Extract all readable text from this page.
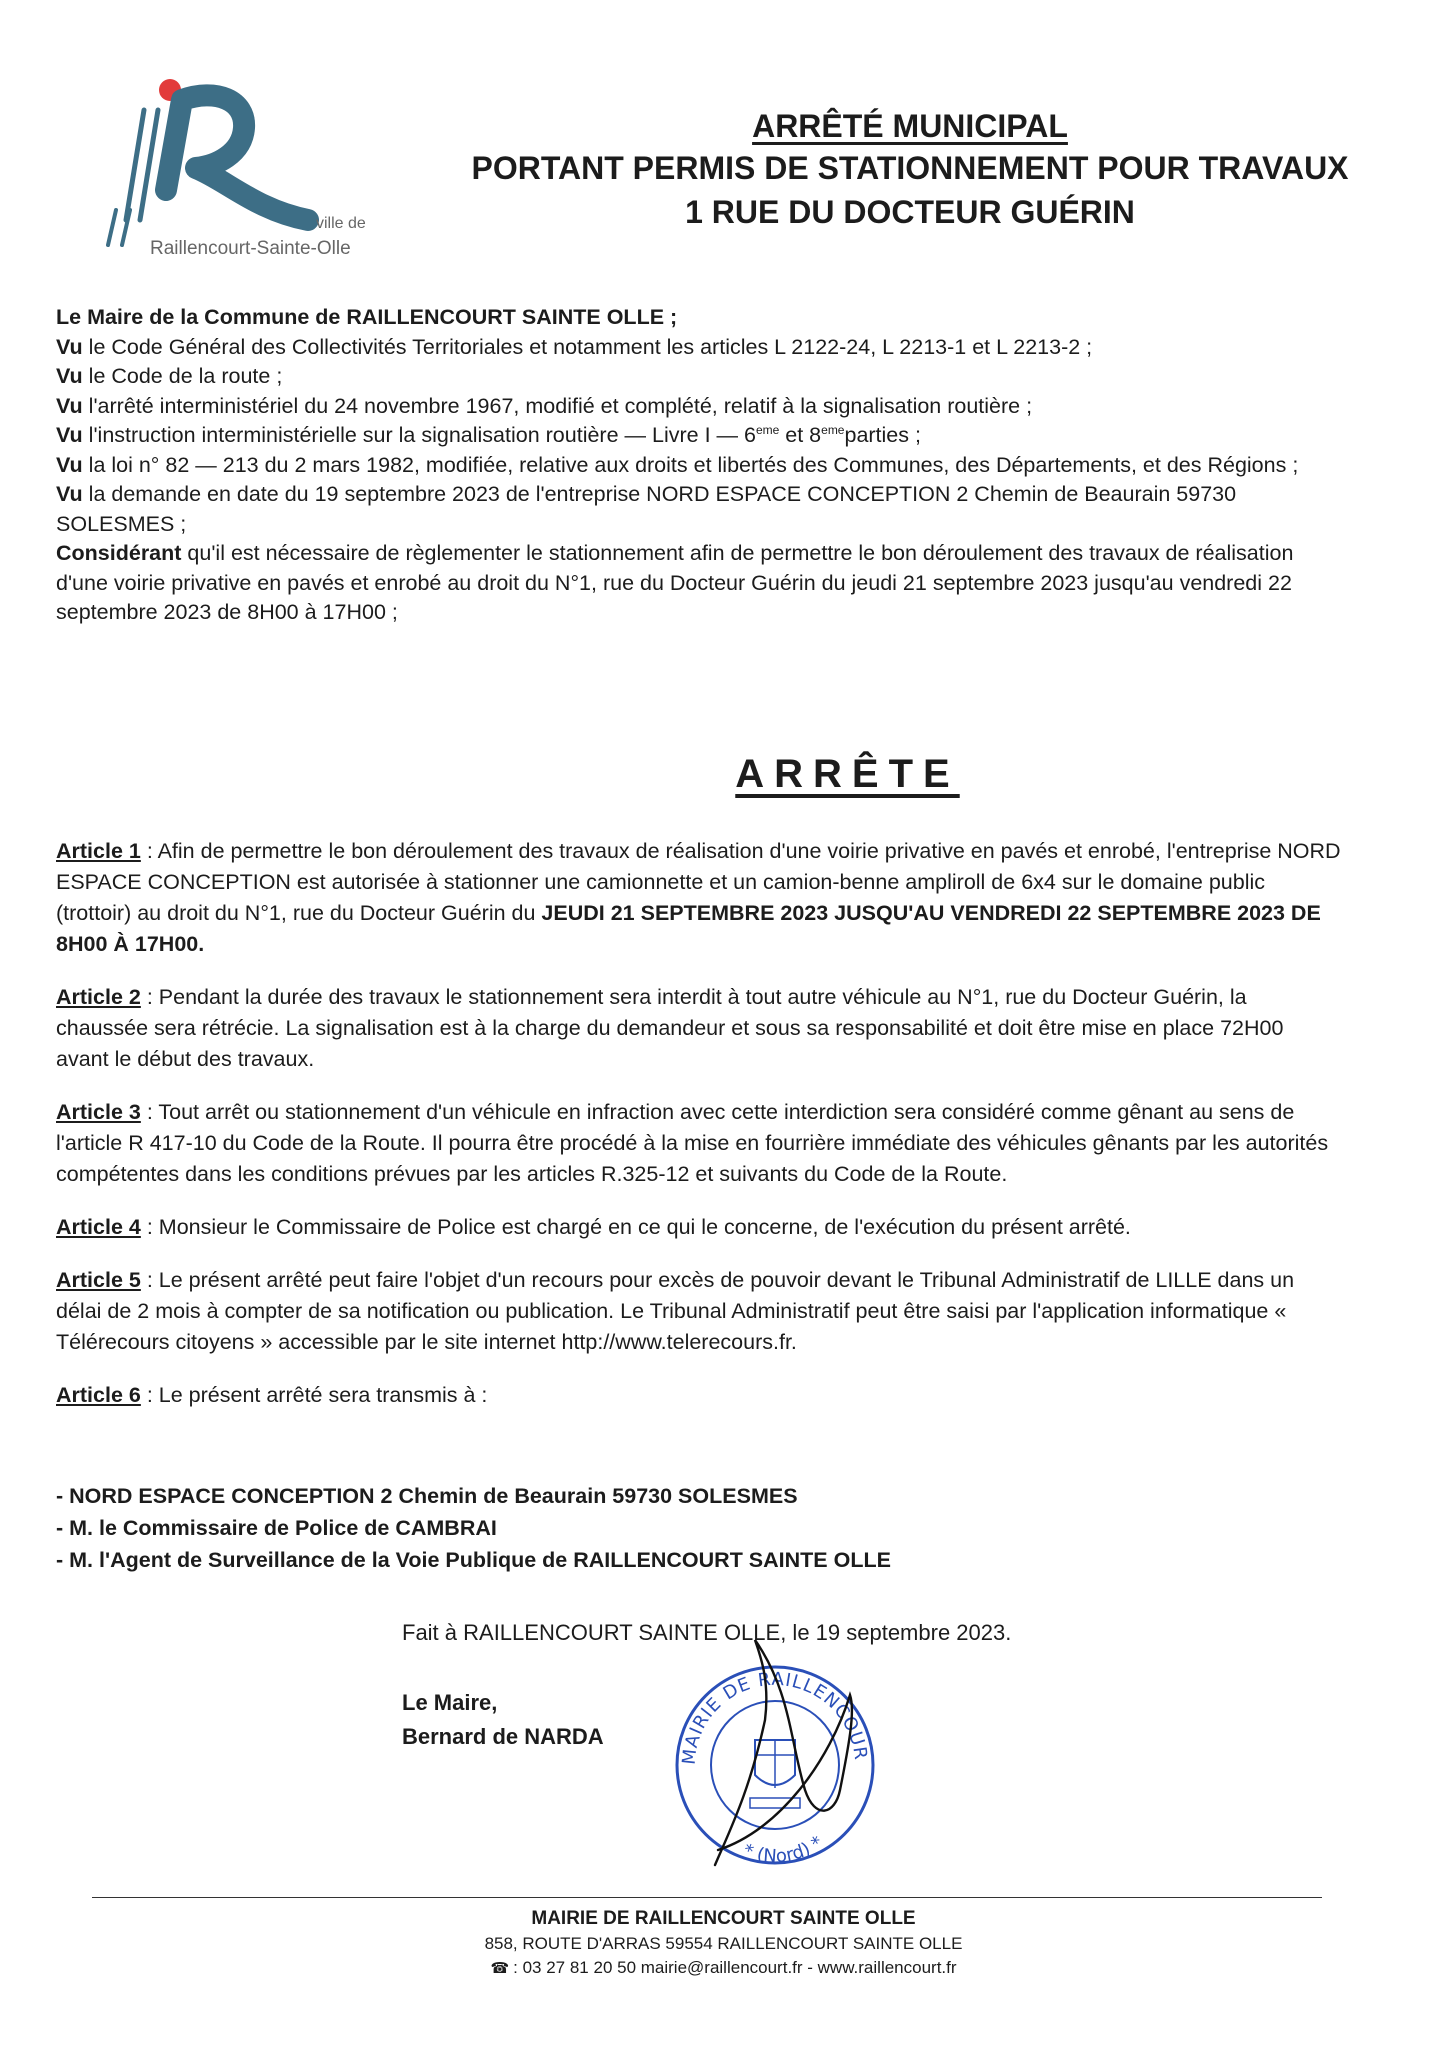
ville de
Raillencourt-Sainte-Olle
ARRÊTÉ MUNICIPAL
PORTANT PERMIS DE STATIONNEMENT POUR TRAVAUX
1 RUE DU DOCTEUR GUÉRIN

Le Maire de la Commune de RAILLENCOURT SAINTE OLLE ;

Vu le Code Général des Collectivités Territoriales et notamment les articles L 2122-24, L 2213-1 et L 2213-2 ;

Vu le Code de la route ;

Vu l'arrêté interministériel du 24 novembre 1967, modifié et complété, relatif à la signalisation routière ;

Vu l'instruction interministérielle sur la signalisation routière — Livre I — 6eme et 8emeparties ;

Vu la loi n° 82 — 213 du 2 mars 1982, modifiée, relative aux droits et libertés des Communes, des Départements, et des Régions ;

Vu la demande en date du 19 septembre 2023 de l'entreprise NORD ESPACE CONCEPTION 2 Chemin de Beaurain 59730 SOLESMES ;

Considérant qu'il est nécessaire de règlementer le stationnement afin de permettre le bon déroulement des travaux de réalisation d'une voirie privative en pavés et enrobé au droit du N°1, rue du Docteur Guérin du jeudi 21 septembre 2023 jusqu'au vendredi 22 septembre 2023 de 8H00 à 17H00 ;

ARRÊTE

Article 1 : Afin de permettre le bon déroulement des travaux de réalisation d'une voirie privative en pavés et enrobé, l'entreprise NORD ESPACE CONCEPTION est autorisée à stationner une camionnette et un camion-benne ampliroll de 6x4 sur le domaine public (trottoir) au droit du N°1, rue du Docteur Guérin du JEUDI 21 SEPTEMBRE 2023 JUSQU'AU VENDREDI 22 SEPTEMBRE 2023 DE 8H00 À 17H00.

Article 2 : Pendant la durée des travaux le stationnement sera interdit à tout autre véhicule au N°1, rue du Docteur Guérin, la chaussée sera rétrécie. La signalisation est à la charge du demandeur et sous sa responsabilité et doit être mise en place 72H00 avant le début des travaux.

Article 3 : Tout arrêt ou stationnement d'un véhicule en infraction avec cette interdiction sera considéré comme gênant au sens de l'article R 417-10 du Code de la Route. Il pourra être procédé à la mise en fourrière immédiate des véhicules gênants par les autorités compétentes dans les conditions prévues par les articles R.325-12 et suivants du Code de la Route.

Article 4 : Monsieur le Commissaire de Police est chargé en ce qui le concerne, de l'exécution du présent arrêté.

Article 5 : Le présent arrêté peut faire l'objet d'un recours pour excès de pouvoir devant le Tribunal Administratif de LILLE dans un délai de 2 mois à compter de sa notification ou publication. Le Tribunal Administratif peut être saisi par l'application informatique « Télérecours citoyens » accessible par le site internet http://www.telerecours.fr.

Article 6 : Le présent arrêté sera transmis à :

- NORD ESPACE CONCEPTION 2 Chemin de Beaurain 59730 SOLESMES
- M. le Commissaire de Police de CAMBRAI
- M. l'Agent de Surveillance de la Voie Publique de RAILLENCOURT SAINTE OLLE
Fait à RAILLENCOURT SAINTE OLLE, le 19 septembre 2023.
Le Maire,
Bernard de NARDA
MAIRIE DE RAILLENCOUR
* (Nord) *
MAIRIE DE RAILLENCOURT SAINTE OLLE
858, ROUTE D'ARRAS 59554 RAILLENCOURT SAINTE OLLE
☎ : 03 27 81 20 50 mairie@raillencourt.fr - www.raillencourt.fr
